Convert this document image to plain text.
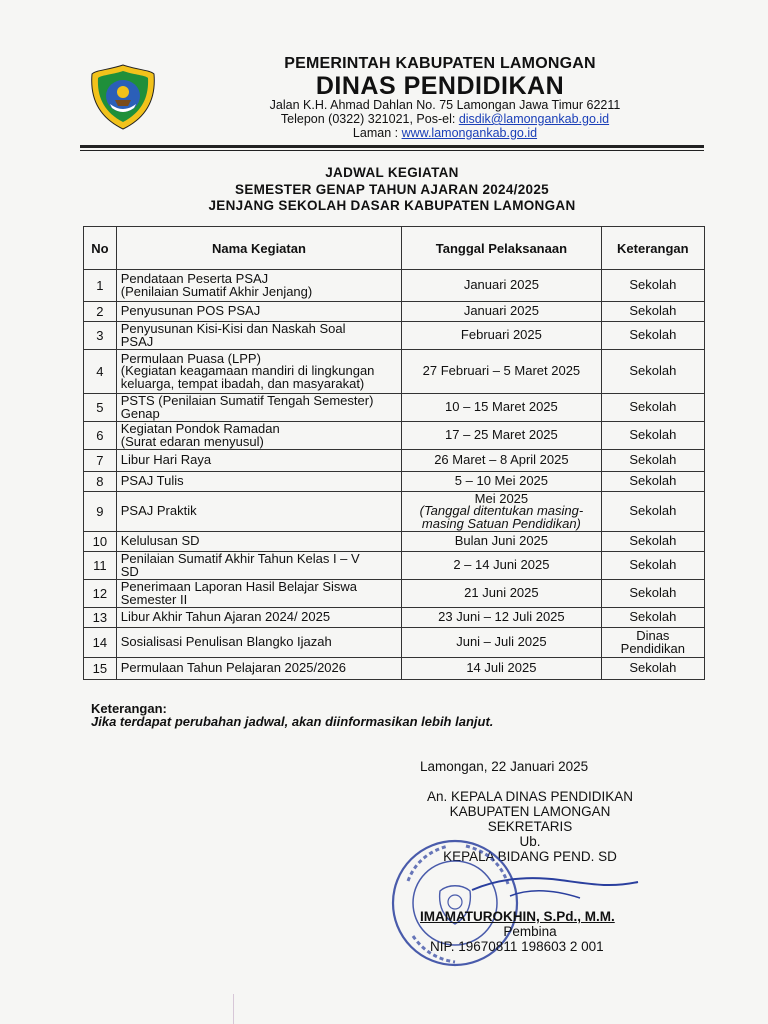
PEMERINTAH KABUPATEN LAMONGAN
DINAS PENDIDIKAN
Jalan K.H. Ahmad Dahlan No. 75 Lamongan Jawa Timur 62211
Telepon (0322) 321021, Pos-el: disdik@lamongankab.go.id
Laman : www.lamongankab.go.id
JADWAL KEGIATAN
SEMESTER GENAP TAHUN AJARAN 2024/2025
JENJANG SEKOLAH DASAR KABUPATEN LAMONGAN
No	Nama Kegiatan	Tanggal Pelaksanaan	Keterangan
1	Pendataan Peserta PSAJ
(Penilaian Sumatif Akhir Jenjang)	Januari 2025	Sekolah

2	Penyusunan POS PSAJ	Januari 2025	Sekolah

3	Penyusunan Kisi-Kisi dan Naskah Soal
PSAJ	Februari 2025	Sekolah

4	Permulaan Puasa (LPP)
(Kegiatan keagamaan mandiri di lingkungan
keluarga, tempat ibadah, dan masyarakat)	27 Februari – 5 Maret 2025	Sekolah

5	PSTS (Penilaian Sumatif Tengah Semester)
Genap	10 – 15 Maret 2025	Sekolah

6	Kegiatan Pondok Ramadan
(Surat edaran menyusul)	17 – 25 Maret 2025	Sekolah

7	Libur Hari Raya	26 Maret – 8 April 2025	Sekolah

8	PSAJ Tulis	5 – 10 Mei 2025	Sekolah

9	PSAJ Praktik	Mei 2025
(Tanggal ditentukan masing-
masing Satuan Pendidikan)	Sekolah

10	Kelulusan SD	Bulan Juni 2025	Sekolah

11	Penilaian Sumatif Akhir Tahun Kelas I – V
SD	2 – 14 Juni 2025	Sekolah

12	Penerimaan Laporan Hasil Belajar Siswa
Semester II	21 Juni 2025	Sekolah

13	Libur Akhir Tahun Ajaran 2024/ 2025	23 Juni – 12 Juli 2025	Sekolah

14	Sosialisasi Penulisan Blangko Ijazah	Juni – Juli 2025	Dinas
Pendidikan

15	Permulaan Tahun Pelajaran 2025/2026	14 Juli 2025	Sekolah
Keterangan:
Jika terdapat perubahan jadwal, akan diinformasikan lebih lanjut.
Lamongan, 22 Januari 2025
An. KEPALA DINAS PENDIDIKAN
KABUPATEN LAMONGAN
SEKRETARIS
Ub.
KEPALA BIDANG PEND. SD
IMAMATUROKHIN, S.Pd., M.M.
Pembina
NIP. 19670811 198603 2 001
